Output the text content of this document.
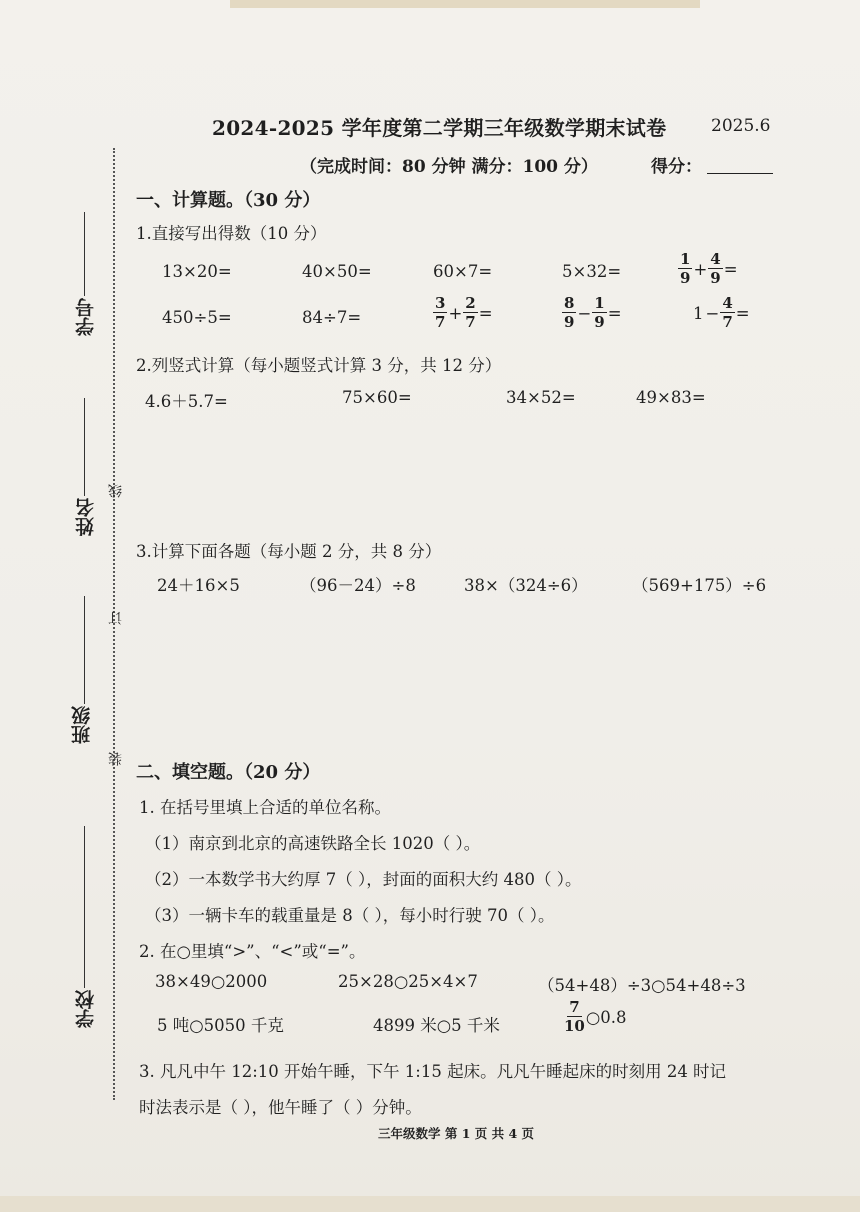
学号
姓名
线
订
班级
装
学校
2024-2025 学年度第二学期三年级数学期末试卷	2025.6
（完成时间：80 分钟 满分：100 分）	得分：
一、计算题。（30 分）
1.直接写出得数（10 分）
13×20=	40×50=	60×7=	5×32=	$\frac{1}{9} + \frac{4}{9}$ =
450÷5=	84÷7=	$\frac{3}{7} + \frac{2}{7}$ =	$\frac{8}{9} - \frac{1}{9}$ =	$1 - \frac{4}{7}$ =
2.列竖式计算（每小题竖式计算 3 分，共 12 分）
4.6＋5.7=	75×60=	34×52=	49×83=
3.计算下面各题（每小题 2 分，共 8 分）
24＋16×5	（96－24）÷8	38×（324÷6）	（569+175）÷6
二、填空题。（20 分）
1. 在括号里填上合适的单位名称。
（1）南京到北京的高速铁路全长 1020（ ）。
（2）一本数学书大约厚 7（ ），封面的面积大约 480（ ）。
（3）一辆卡车的载重量是 8（ ），每小时行驶 70（ ）。
2. 在○里填“>”、“<”或“=”。
38×49○2000	25×28○25×4×7	（54+48）÷3○54+48÷3
5 吨○5050 千克	4899 米○5 千米	$\frac{7}{10}$ ○0.8
3. 凡凡中午 12:10 开始午睡，下午 1:15 起床。凡凡午睡起床的时刻用 24 时记
时法表示是（ ），他午睡了（ ）分钟。
三年级数学 第 1 页 共 4 页
